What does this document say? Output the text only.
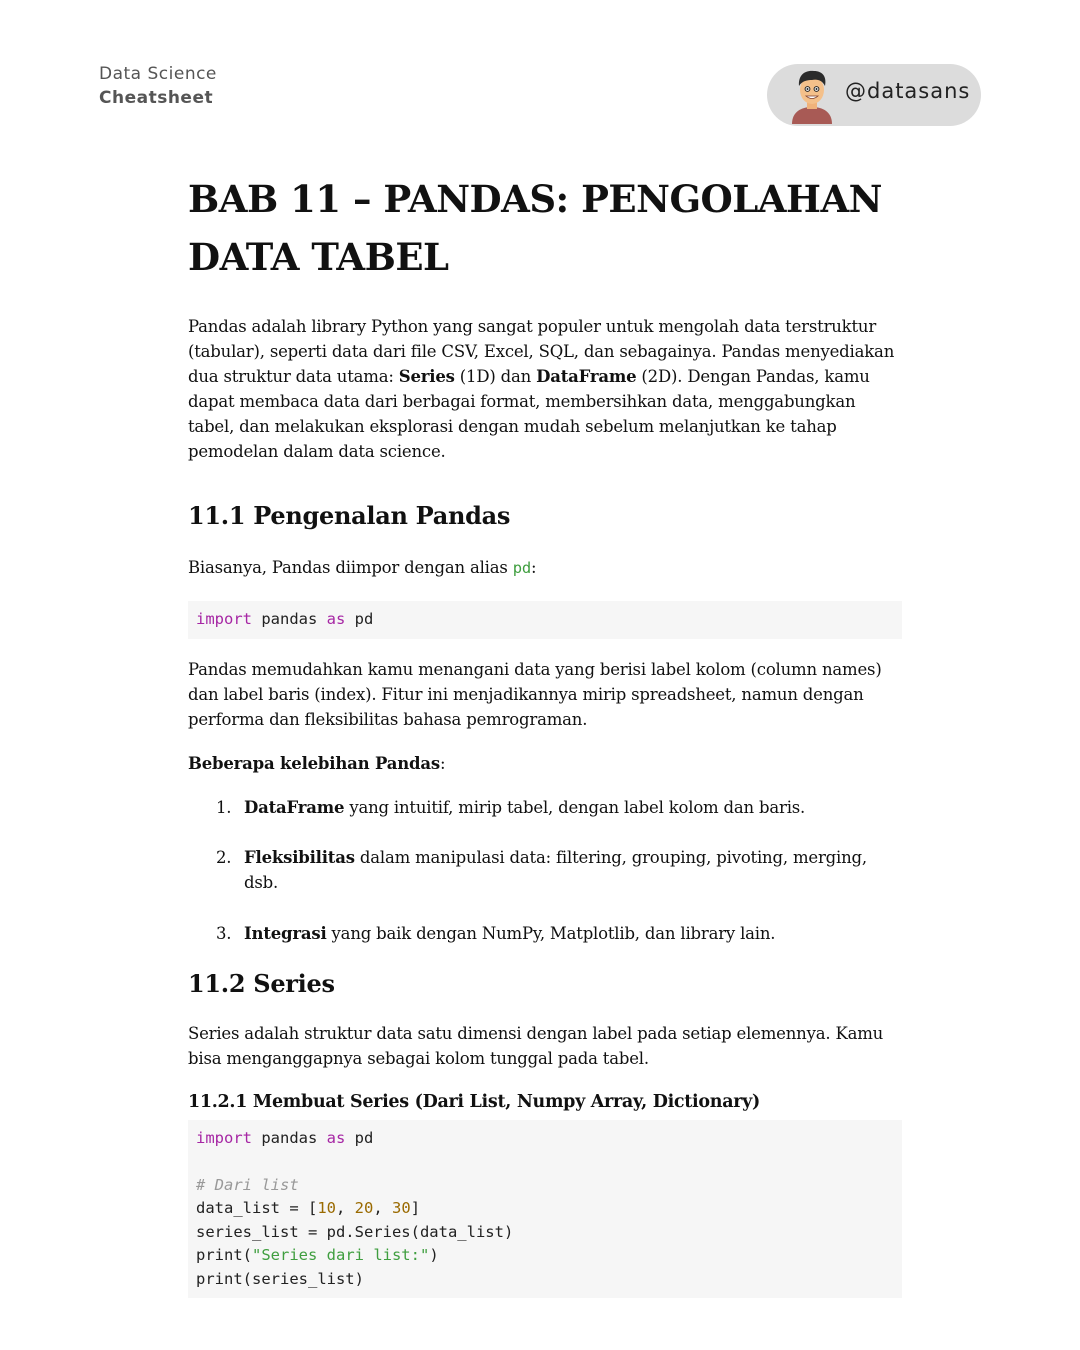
Data Science
Cheatsheet	@datasans
BAB 11 – PANDAS: PENGOLAHAN DATA TABEL

Pandas adalah library Python yang sangat populer untuk mengolah data terstruktur (tabular), seperti data dari file CSV, Excel, SQL, dan sebagainya. Pandas menyediakan dua struktur data utama: Series (1D) dan DataFrame (2D). Dengan Pandas, kamu dapat membaca data dari berbagai format, membersihkan data, menggabungkan tabel, dan melakukan eksplorasi dengan mudah sebelum melanjutkan ke tahap pemodelan dalam data science.

11.1 Pengenalan Pandas

Biasanya, Pandas diimpor dengan alias pd:

import pandas as pd

Pandas memudahkan kamu menangani data yang berisi label kolom (column names) dan label baris (index). Fitur ini menjadikannya mirip spreadsheet, namun dengan performa dan fleksibilitas bahasa pemrograman.

Beberapa kelebihan Pandas:

1. DataFrame yang intuitif, mirip tabel, dengan label kolom dan baris.
2. Fleksibilitas dalam manipulasi data: filtering, grouping, pivoting, merging, dsb.
3. Integrasi yang baik dengan NumPy, Matplotlib, dan library lain.
11.2 Series

Series adalah struktur data satu dimensi dengan label pada setiap elemennya. Kamu bisa menganggapnya sebagai kolom tunggal pada tabel.

11.2.1 Membuat Series (Dari List, Numpy Array, Dictionary)
import pandas as pd

# Dari list
data_list = [10, 20, 30]
series_list = pd.Series(data_list)
print("Series dari list:")
print(series_list)
